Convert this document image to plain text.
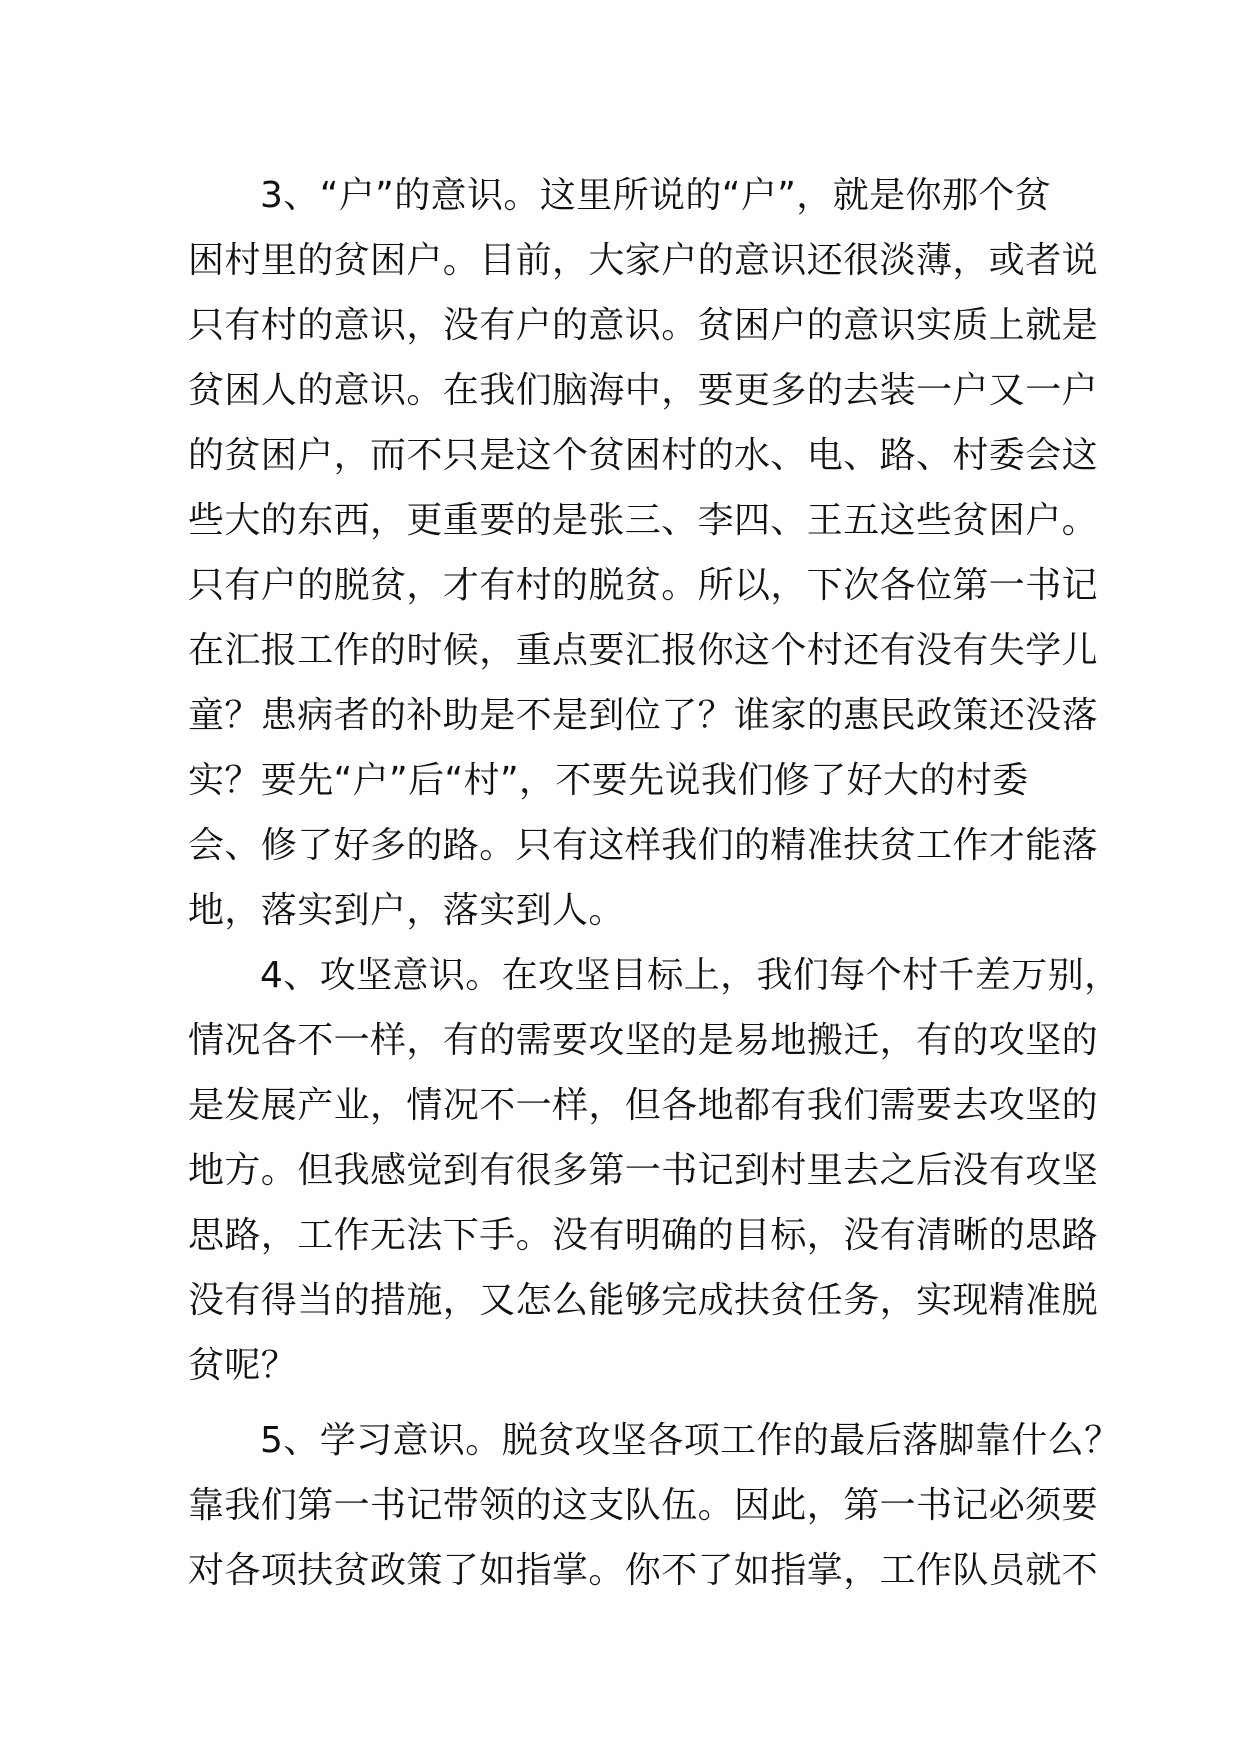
3、“户”的意识。这里所说的“户”，就是你那个贫
困村里的贫困户。目前，大家户的意识还很淡薄，或者说
只有村的意识，没有户的意识。贫困户的意识实质上就是
贫困人的意识。在我们脑海中，要更多的去装一户又一户
的贫困户，而不只是这个贫困村的水、电、路、村委会这
些大的东西，更重要的是张三、李四、王五这些贫困户。
只有户的脱贫，才有村的脱贫。所以，下次各位第一书记
在汇报工作的时候，重点要汇报你这个村还有没有失学儿
童？患病者的补助是不是到位了？谁家的惠民政策还没落
实？要先“户”后“村”，不要先说我们修了好大的村委
会、修了好多的路。只有这样我们的精准扶贫工作才能落
地，落实到户，落实到人。
4、攻坚意识。在攻坚目标上，我们每个村千差万别，
情况各不一样，有的需要攻坚的是易地搬迁，有的攻坚的
是发展产业，情况不一样，但各地都有我们需要去攻坚的
地方。但我感觉到有很多第一书记到村里去之后没有攻坚
思路，工作无法下手。没有明确的目标，没有清晰的思路
没有得当的措施，又怎么能够完成扶贫任务，实现精准脱
贫呢？
5、学习意识。脱贫攻坚各项工作的最后落脚靠什么？
靠我们第一书记带领的这支队伍。因此，第一书记必须要
对各项扶贫政策了如指掌。你不了如指掌，工作队员就不
